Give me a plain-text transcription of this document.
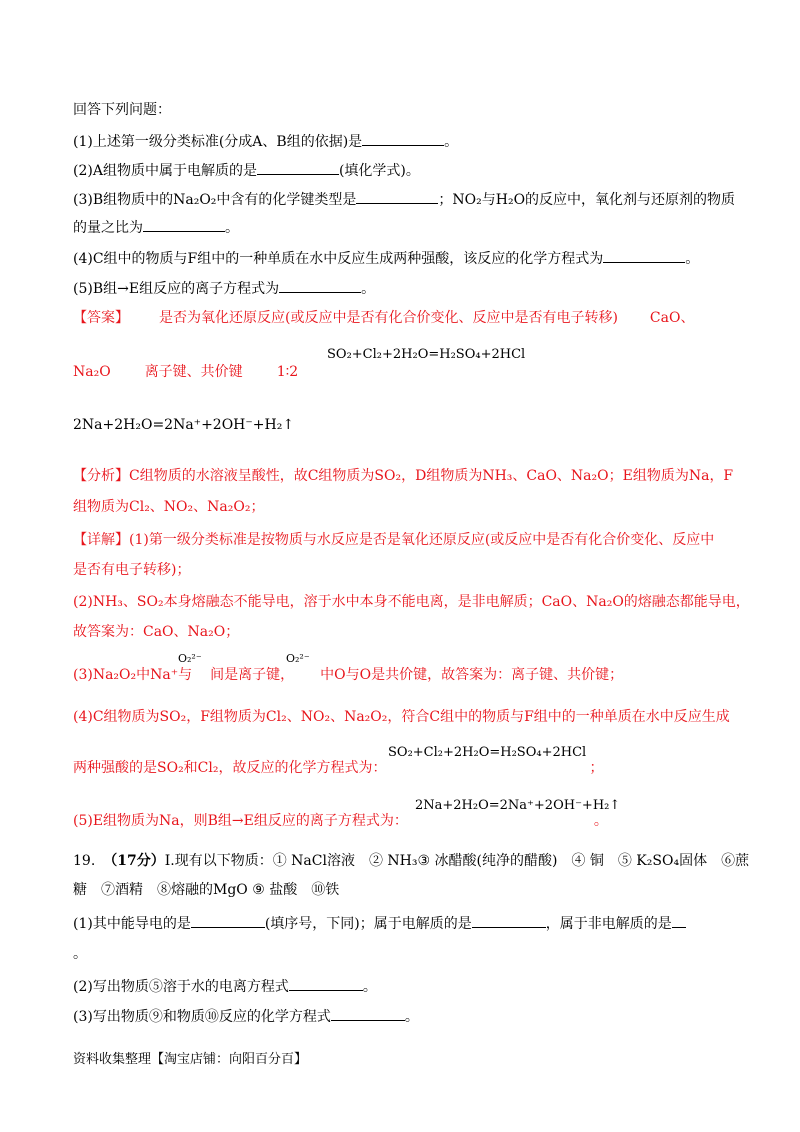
回答下列问题：
(1)上述第一级分类标准(分成A、B组的依据)是	。
(2)A组物质中属于电解质的是	(填化学式)。
(3)B组物质中的Na₂O₂中含有的化学键类型是	；NO₂与H₂O的反应中，氧化剂与还原剂的物质
的量之比为	。
(4)C组中的物质与F组中的一种单质在水中反应生成两种强酸，该反应的化学方程式为	。
(5)B组→E组反应的离子方程式为	。
【答案】 是否为氧化还原反应(或反应中是否有化合价变化、反应中是否有电子转移) CaO、
Na₂O 离子键、共价键 1∶2
SO₂+Cl₂+2H₂O=H₂SO₄+2HCl
2Na+2H₂O=2Na⁺+2OH⁻+H₂↑
【分析】C组物质的水溶液呈酸性，故C组物质为SO₂，D组物质为NH₃、CaO、Na₂O；E组物质为Na，F
组物质为Cl₂、NO₂、Na₂O₂；
【详解】(1)第一级分类标准是按物质与水反应是否是氧化还原反应(或反应中是否有化合价变化、反应中
是否有电子转移)；
(2)NH₃、SO₂本身熔融态不能导电，溶于水中本身不能电离，是非电解质；CaO、Na₂O的熔融态都能导电，
故答案为：CaO、Na₂O；
(3)Na₂O₂中Na⁺与 间是离子键， 中O与O是共价键，故答案为：离子键、共价键；
O₂²⁻	O₂²⁻
(4)C组物质为SO₂，F组物质为Cl₂、NO₂、Na₂O₂，符合C组中的物质与F组中的一种单质在水中反应生成
两种强酸的是SO₂和Cl₂，故反应的化学方程式为：	；
SO₂+Cl₂+2H₂O=H₂SO₄+2HCl
(5)E组物质为Na，则B组→E组反应的离子方程式为：	。
2Na+2H₂O=2Na⁺+2OH⁻+H₂↑
19. （17分）Ⅰ.现有以下物质：① NaCl溶液　② NH₃③ 冰醋酸(纯净的醋酸)　④ 铜　⑤ K₂SO₄固体　⑥蔗
糖　⑦酒精　⑧熔融的MgO ⑨ 盐酸　⑩铁
(1)其中能导电的是	(填序号，下同)；属于电解质的是	，属于非电解质的是
。
(2)写出物质⑤溶于水的电离方程式	。
(3)写出物质⑨和物质⑩反应的化学方程式	。
资料收集整理【淘宝店铺：向阳百分百】
